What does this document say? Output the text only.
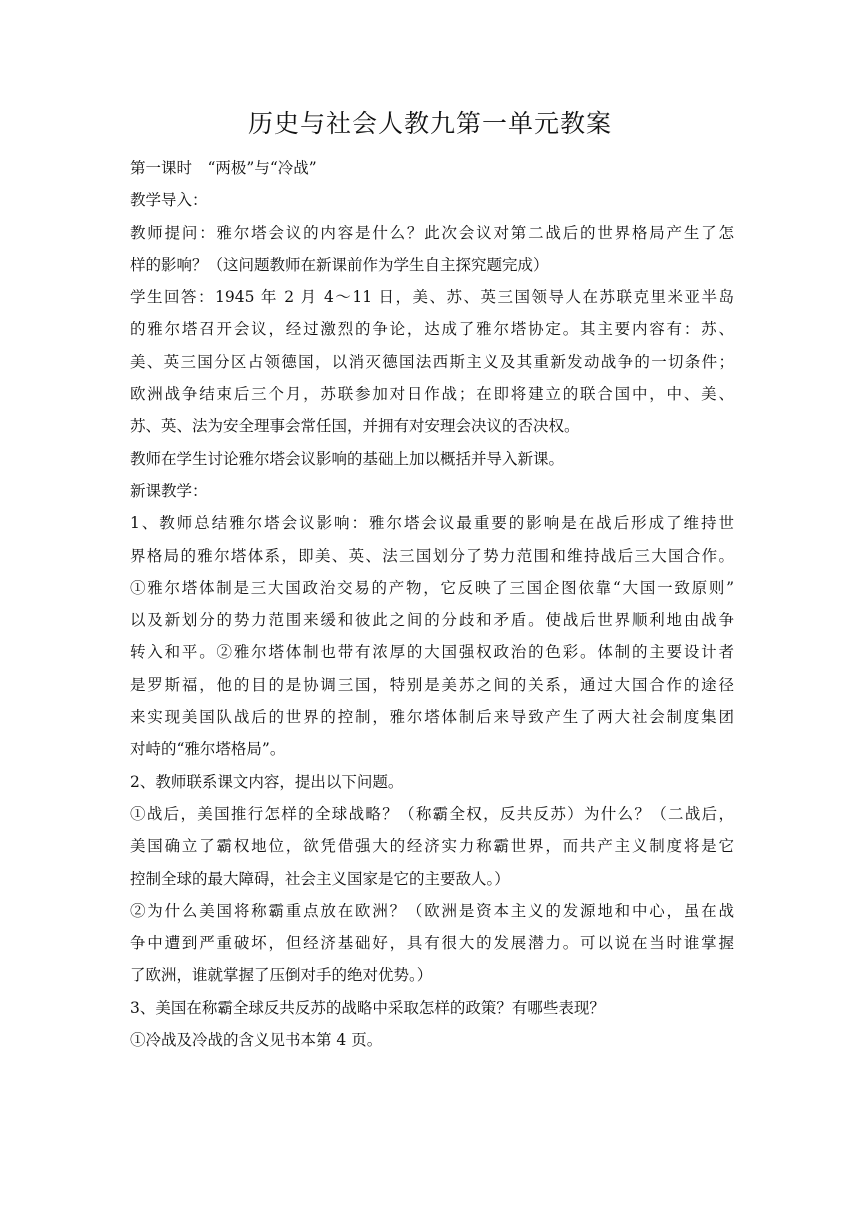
历史与社会人教九第一单元教案
第一课时　“两极”与“冷战”
教学导入：
教师提问：雅尔塔会议的内容是什么？此次会议对第二战后的世界格局产生了怎
样的影响？（这问题教师在新课前作为学生自主探究题完成）
学生回答：1945 年 2 月 4～11 日，美、苏、英三国领导人在苏联克里米亚半岛
的雅尔塔召开会议，经过激烈的争论，达成了雅尔塔协定。其主要内容有：苏、
美、英三国分区占领德国，以消灭德国法西斯主义及其重新发动战争的一切条件；
欧洲战争结束后三个月，苏联参加对日作战；在即将建立的联合国中，中、美、
苏、英、法为安全理事会常任国，并拥有对安理会决议的否决权。
教师在学生讨论雅尔塔会议影响的基础上加以概括并导入新课。
新课教学：
1、教师总结雅尔塔会议影响：雅尔塔会议最重要的影响是在战后形成了维持世
界格局的雅尔塔体系，即美、英、法三国划分了势力范围和维持战后三大国合作。
①雅尔塔体制是三大国政治交易的产物，它反映了三国企图依靠“大国一致原则”
以及新划分的势力范围来缓和彼此之间的分歧和矛盾。使战后世界顺利地由战争
转入和平。②雅尔塔体制也带有浓厚的大国强权政治的色彩。体制的主要设计者
是罗斯福，他的目的是协调三国，特别是美苏之间的关系，通过大国合作的途径
来实现美国队战后的世界的控制，雅尔塔体制后来导致产生了两大社会制度集团
对峙的“雅尔塔格局”。
2、教师联系课文内容，提出以下问题。
①战后，美国推行怎样的全球战略？（称霸全权，反共反苏）为什么？（二战后，
美国确立了霸权地位，欲凭借强大的经济实力称霸世界，而共产主义制度将是它
控制全球的最大障碍，社会主义国家是它的主要敌人。）
②为什么美国将称霸重点放在欧洲？（欧洲是资本主义的发源地和中心，虽在战
争中遭到严重破坏，但经济基础好，具有很大的发展潜力。可以说在当时谁掌握
了欧洲，谁就掌握了压倒对手的绝对优势。）
3、美国在称霸全球反共反苏的战略中采取怎样的政策？有哪些表现？
①冷战及冷战的含义见书本第 4 页。
